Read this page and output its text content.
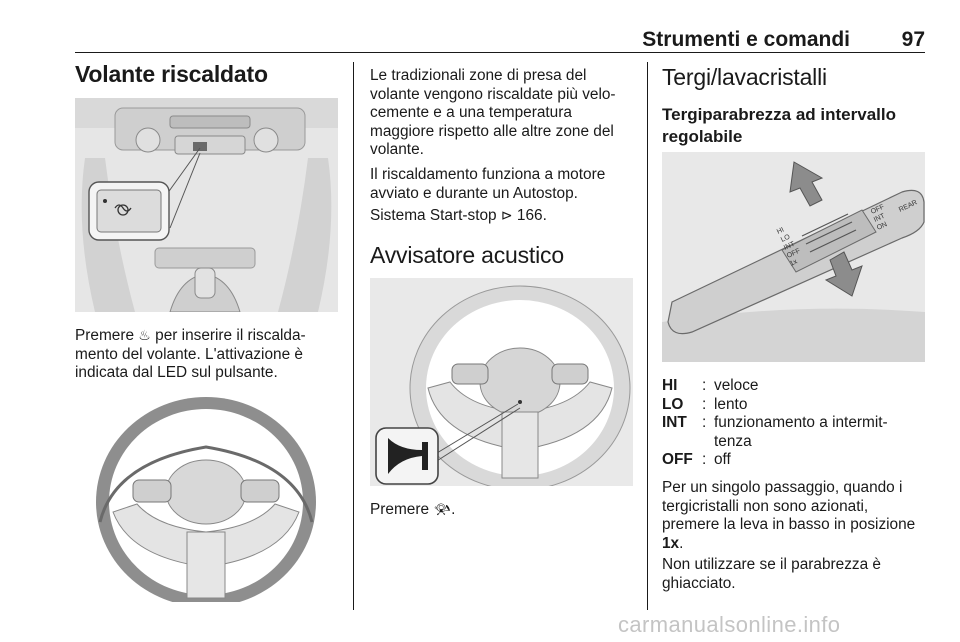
Strumenti e comandi	97
Volante riscaldato
Premere ♨ per inserire il riscalda-
mento del volante. L'attivazione è
indicata dal LED sul pulsante.
Le tradizionali zone di presa del
volante vengono riscaldate più velo-
cemente e a una temperatura
maggiore rispetto alle altre zone del
volante.
Il riscaldamento funziona a motore
avviato e durante un Autostop.
Sistema Start-stop ⊳ 166.
Avvisatore acustico
Premere 📯︎.
Tergi/lavacristalli
Tergiparabrezza ad intervallo
regolabile
LO
INT
OFF
1x
HI
OFF
INT
ON
REAR
HI	: veloce
LO	: lento
INT : funzionamento a intermit-
tenza
OFF : off
Per un singolo passaggio, quando i
tergicristalli non sono azionati,
premere la leva in basso in posizione
1x.
Non utilizzare se il parabrezza è
ghiacciato.
carmanualsonline.info
